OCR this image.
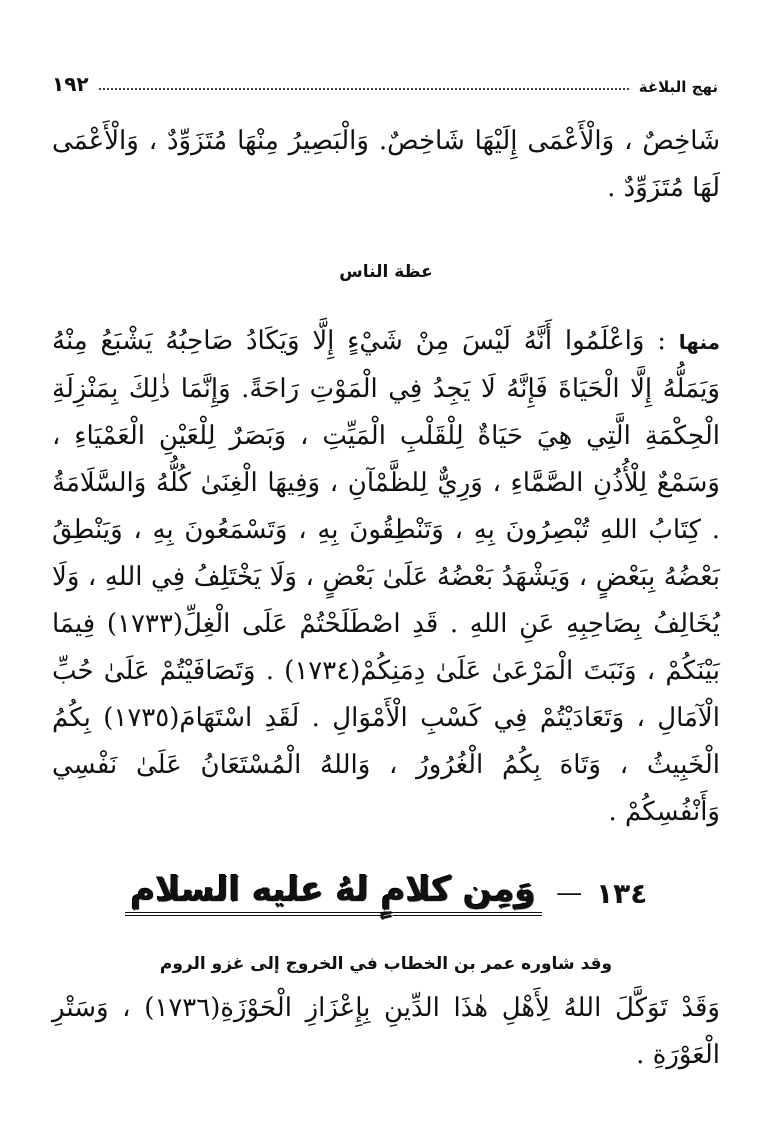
١٩٢	نهج البلاغة

شَاخِصٌ ، وَالْأَعْمَى إِلَيْهَا شَاخِصٌ. وَالْبَصِيرُ مِنْهَا مُتَزَوِّدٌ ، وَالْأَعْمَى لَهَا مُتَزَوِّدٌ .

عظة الناس

منها : وَاعْلَمُوا أَنَّهُ لَيْسَ مِنْ شَيْءٍ إِلَّا وَيَكَادُ صَاحِبُهُ يَشْبَعُ مِنْهُ وَيَمَلُّهُ إِلَّا الْحَيَاةَ فَإِنَّهُ لَا يَجِدُ فِي الْمَوْتِ رَاحَةً. وَإِنَّمَا ذٰلِكَ بِمَنْزِلَةِ الْحِكْمَةِ الَّتِي هِيَ حَيَاةٌ لِلْقَلْبِ الْمَيِّتِ ، وَبَصَرٌ لِلْعَيْنِ الْعَمْيَاءِ ، وَسَمْعٌ لِلْأُذُنِ الصَّمَّاءِ ، وَرِيٌّ لِلظَّمْآنِ ، وَفِيهَا الْغِنَىٰ كُلُّهُ وَالسَّلَامَةُ . كِتَابُ اللهِ تُبْصِرُونَ بِهِ ، وَتَنْطِقُونَ بِهِ ، وَتَسْمَعُونَ بِهِ ، وَيَنْطِقُ بَعْضُهُ بِبَعْضٍ ، وَيَشْهَدُ بَعْضُهُ عَلَىٰ بَعْضٍ ، وَلَا يَخْتَلِفُ فِي اللهِ ، وَلَا يُخَالِفُ بِصَاحِبِهِ عَنِ اللهِ . قَدِ اصْطَلَحْتُمْ عَلَى الْغِلِّ(١٧٣٣) فِيمَا بَيْنَكُمْ ، وَنَبَتَ الْمَرْعَىٰ عَلَىٰ دِمَنِكُمْ(١٧٣٤) . وَتَصَافَيْتُمْ عَلَىٰ حُبِّ الْآمَالِ ، وَتَعَادَيْتُمْ فِي كَسْبِ الْأَمْوَالِ . لَقَدِ اسْتَهَامَ(١٧٣٥) بِكُمُ الْخَبِيثُ ، وَتَاهَ بِكُمُ الْغُرُورُ ، وَاللهُ الْمُسْتَعَانُ عَلَىٰ نَفْسِي وَأَنْفُسِكُمْ .

١٣٤
—
وَمِن كلامٍ لهُ عليه السلام
وقد شاوره عمر بن الخطاب في الخروج إلى غزو الروم

وَقَدْ تَوَكَّلَ اللهُ لِأَهْلِ هٰذَا الدِّينِ بِإِعْزَازِ الْحَوْزَةِ(١٧٣٦) ، وَسَتْرِ الْعَوْرَةِ .
